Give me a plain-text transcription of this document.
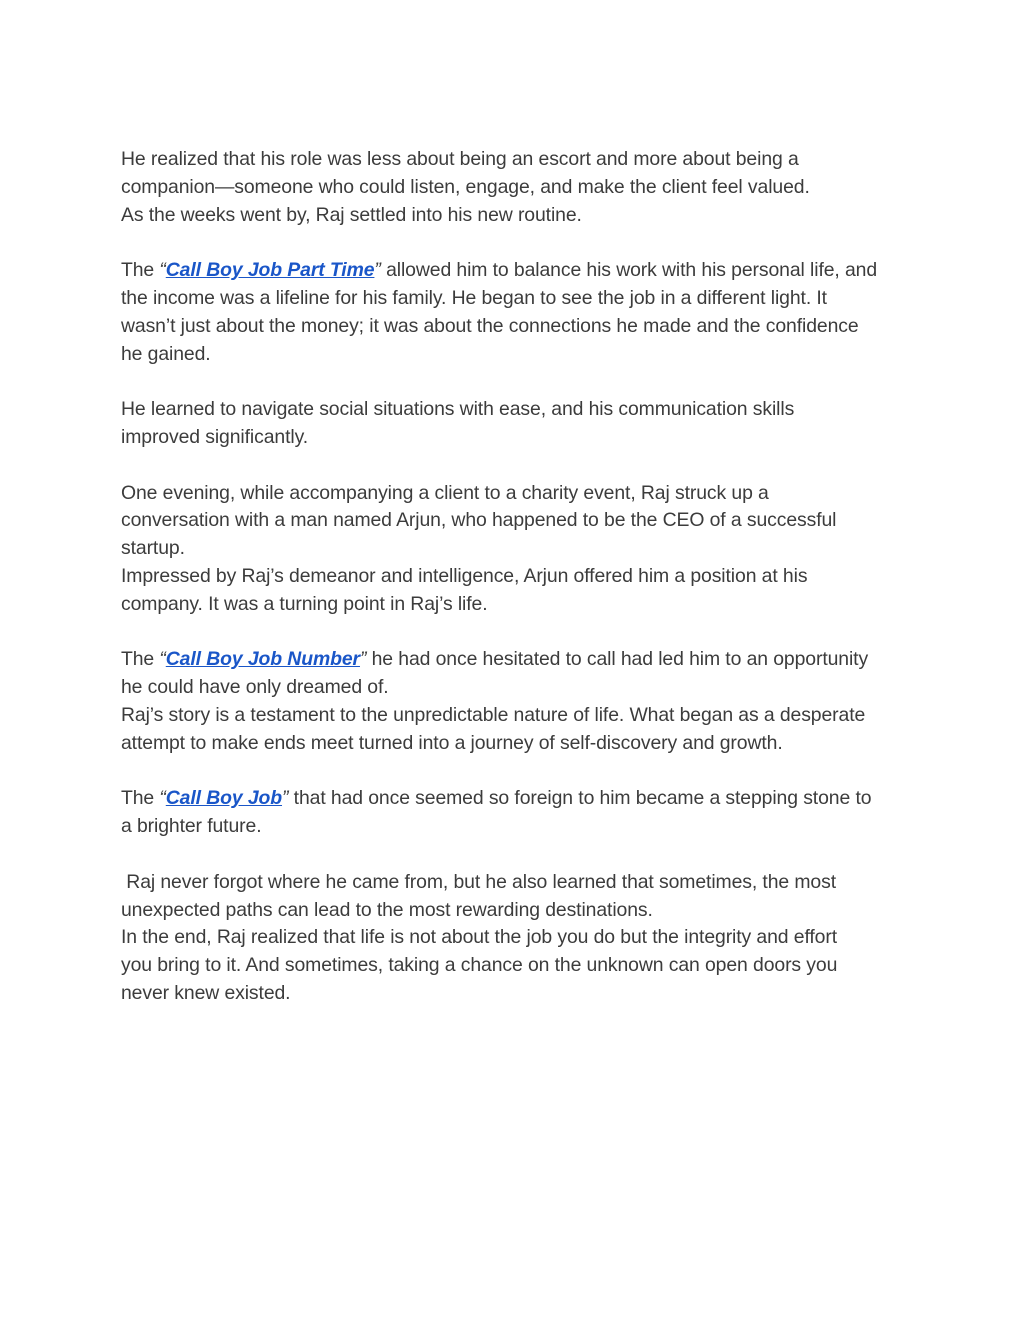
He realized that his role was less about being an escort and more about being a
companion—someone who could listen, engage, and make the client feel valued.
As the weeks went by, Raj settled into his new routine.

The “Call Boy Job Part Time” allowed him to balance his work with his personal life, and
the income was a lifeline for his family. He began to see the job in a different light. It
wasn’t just about the money; it was about the connections he made and the confidence
he gained.

He learned to navigate social situations with ease, and his communication skills
improved significantly.

One evening, while accompanying a client to a charity event, Raj struck up a
conversation with a man named Arjun, who happened to be the CEO of a successful
startup.
Impressed by Raj’s demeanor and intelligence, Arjun offered him a position at his
company. It was a turning point in Raj’s life.

The “Call Boy Job Number” he had once hesitated to call had led him to an opportunity
he could have only dreamed of.
Raj’s story is a testament to the unpredictable nature of life. What began as a desperate
attempt to make ends meet turned into a journey of self-discovery and growth.

The “Call Boy Job” that had once seemed so foreign to him became a stepping stone to
a brighter future.

Raj never forgot where he came from, but he also learned that sometimes, the most
unexpected paths can lead to the most rewarding destinations.
In the end, Raj realized that life is not about the job you do but the integrity and effort
you bring to it. And sometimes, taking a chance on the unknown can open doors you
never knew existed.
